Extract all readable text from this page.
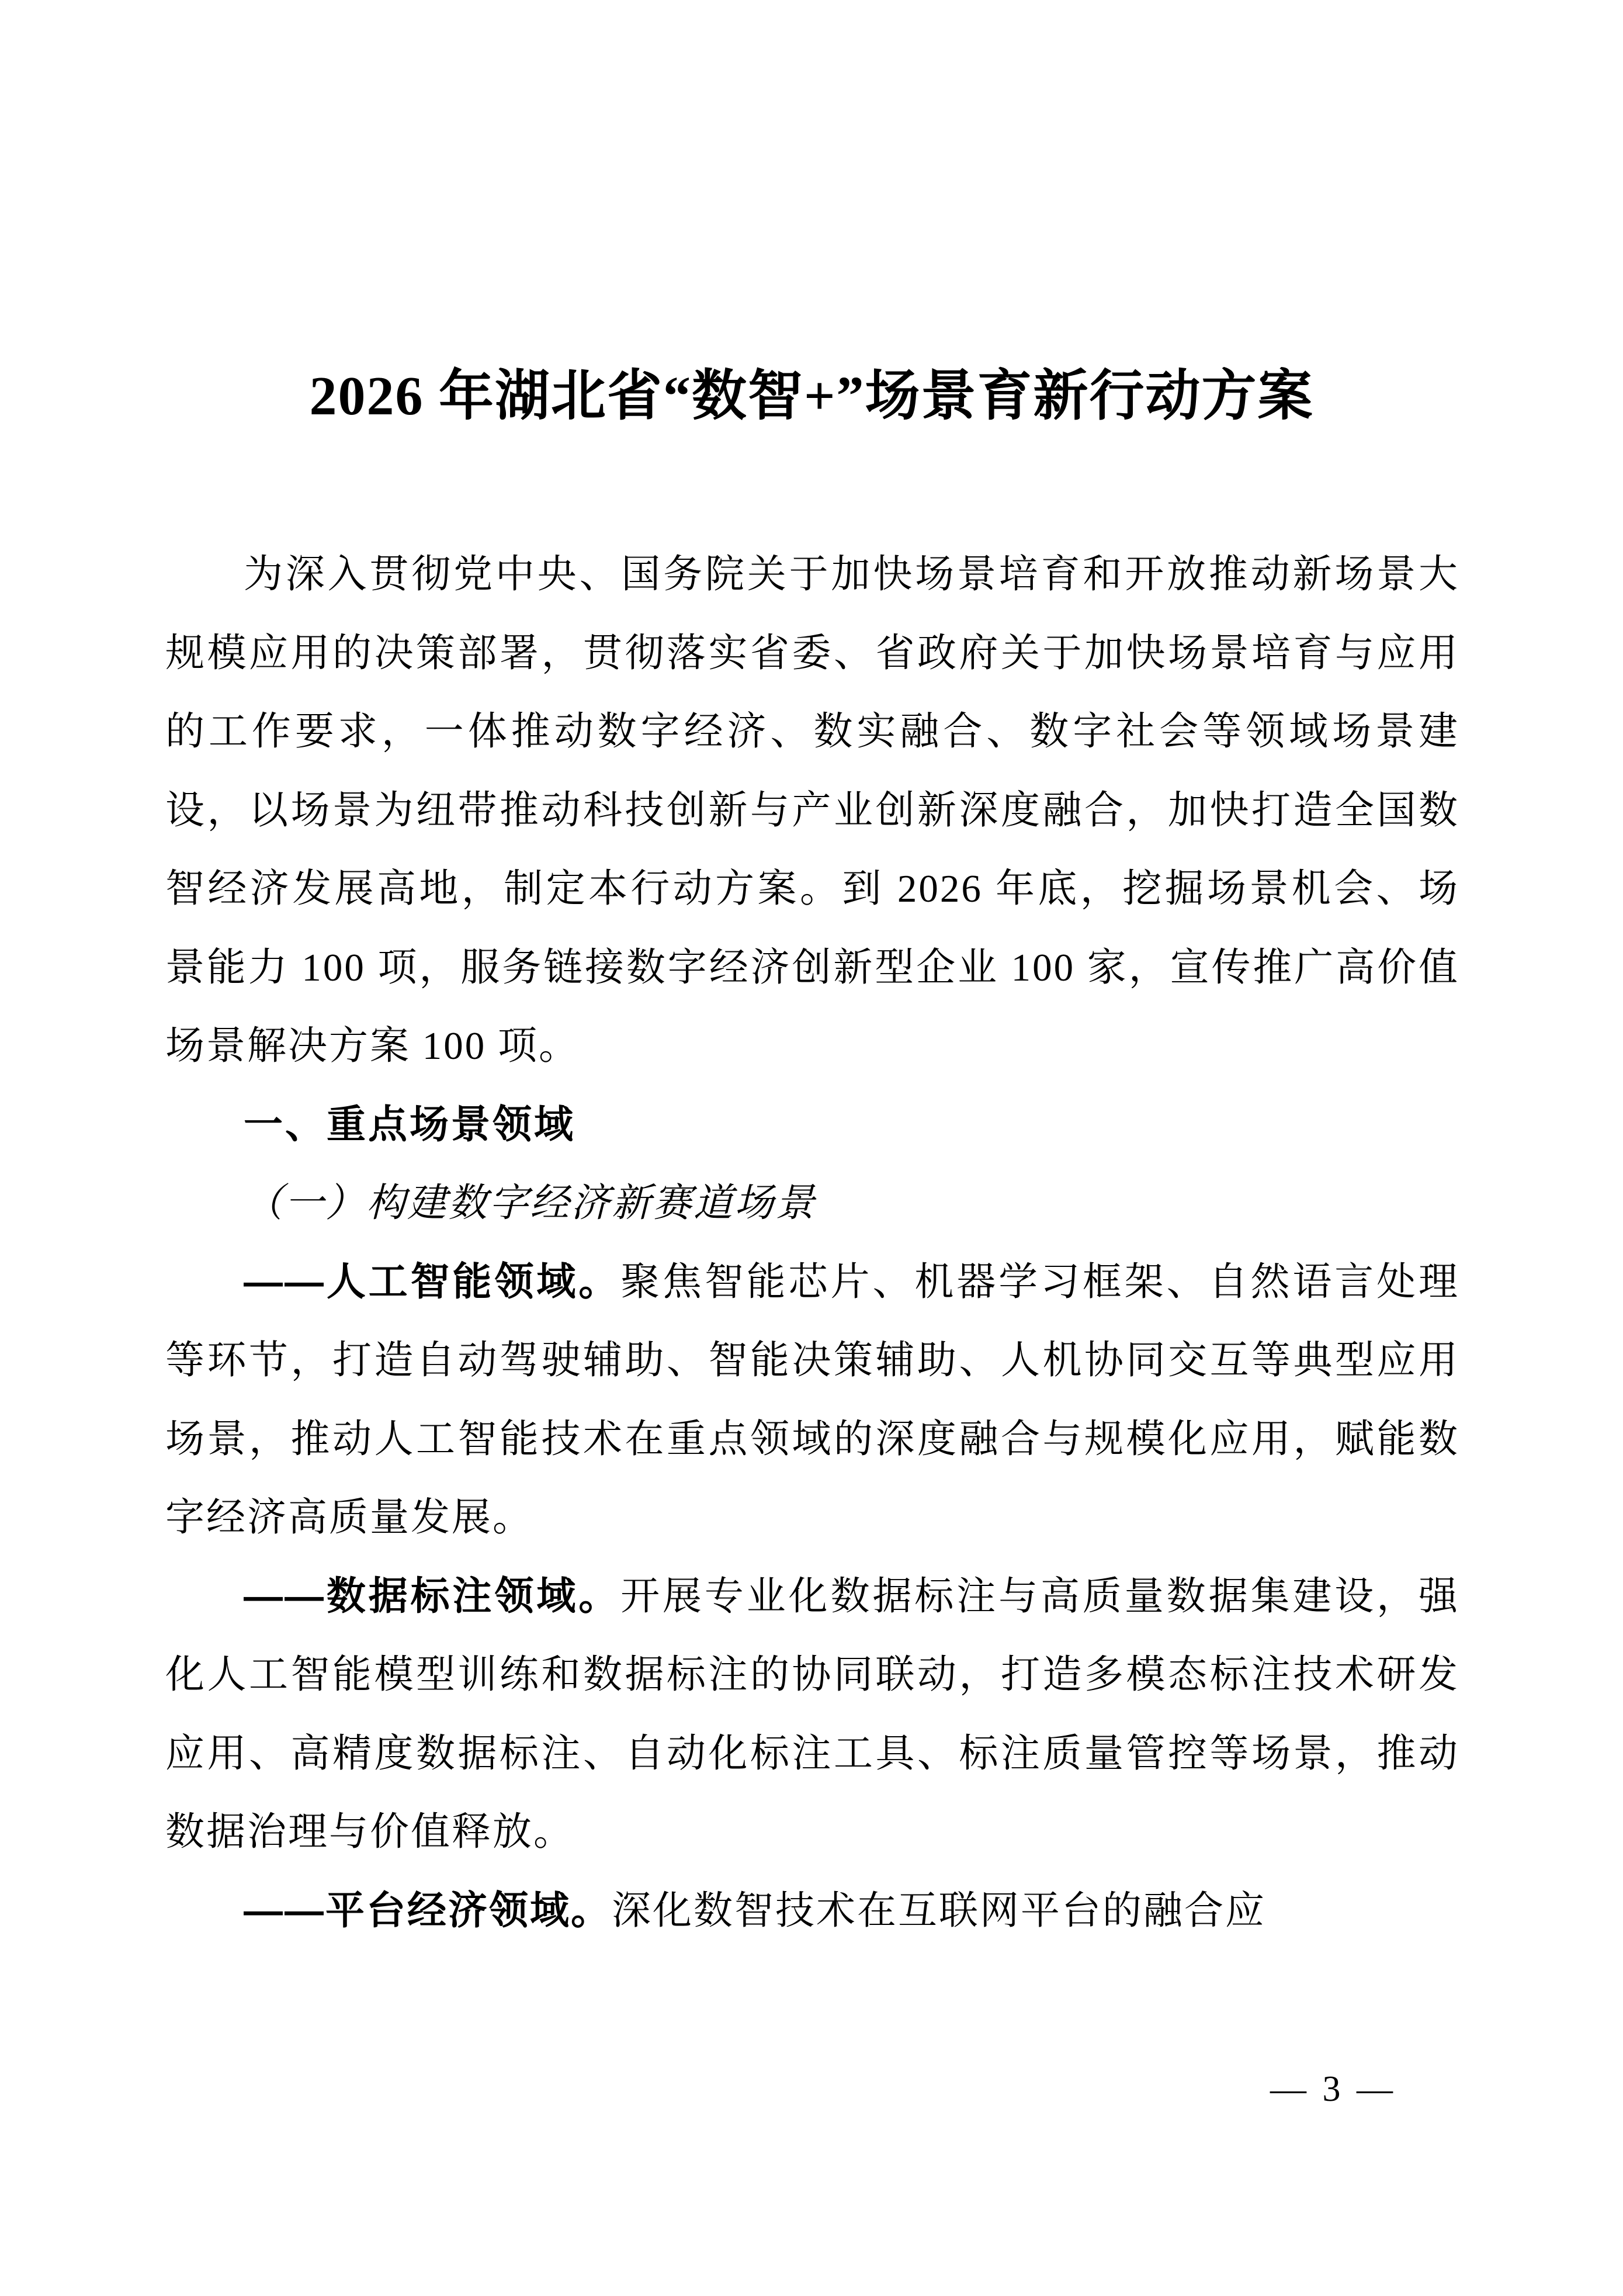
2026 年湖北省“数智+”场景育新行动方案

为深入贯彻党中央、国务院关于加快场景培育和开放推动新场景大规模应用的决策部署，贯彻落实省委、省政府关于加快场景培育与应用的工作要求，一体推动数字经济、数实融合、数字社会等领域场景建设，以场景为纽带推动科技创新与产业创新深度融合，加快打造全国数智经济发展高地，制定本行动方案。到 2026 年底，挖掘场景机会、场景能力 100 项，服务链接数字经济创新型企业 100 家，宣传推广高价值场景解决方案 100 项。

一、重点场景领域

（一）构建数字经济新赛道场景

——人工智能领域。聚焦智能芯片、机器学习框架、自然语言处理等环节，打造自动驾驶辅助、智能决策辅助、人机协同交互等典型应用场景，推动人工智能技术在重点领域的深度融合与规模化应用，赋能数字经济高质量发展。

——数据标注领域。开展专业化数据标注与高质量数据集建设，强化人工智能模型训练和数据标注的协同联动，打造多模态标注技术研发应用、高精度数据标注、自动化标注工具、标注质量管控等场景，推动数据治理与价值释放。

——平台经济领域。深化数智技术在互联网平台的融合应

— 3 —
